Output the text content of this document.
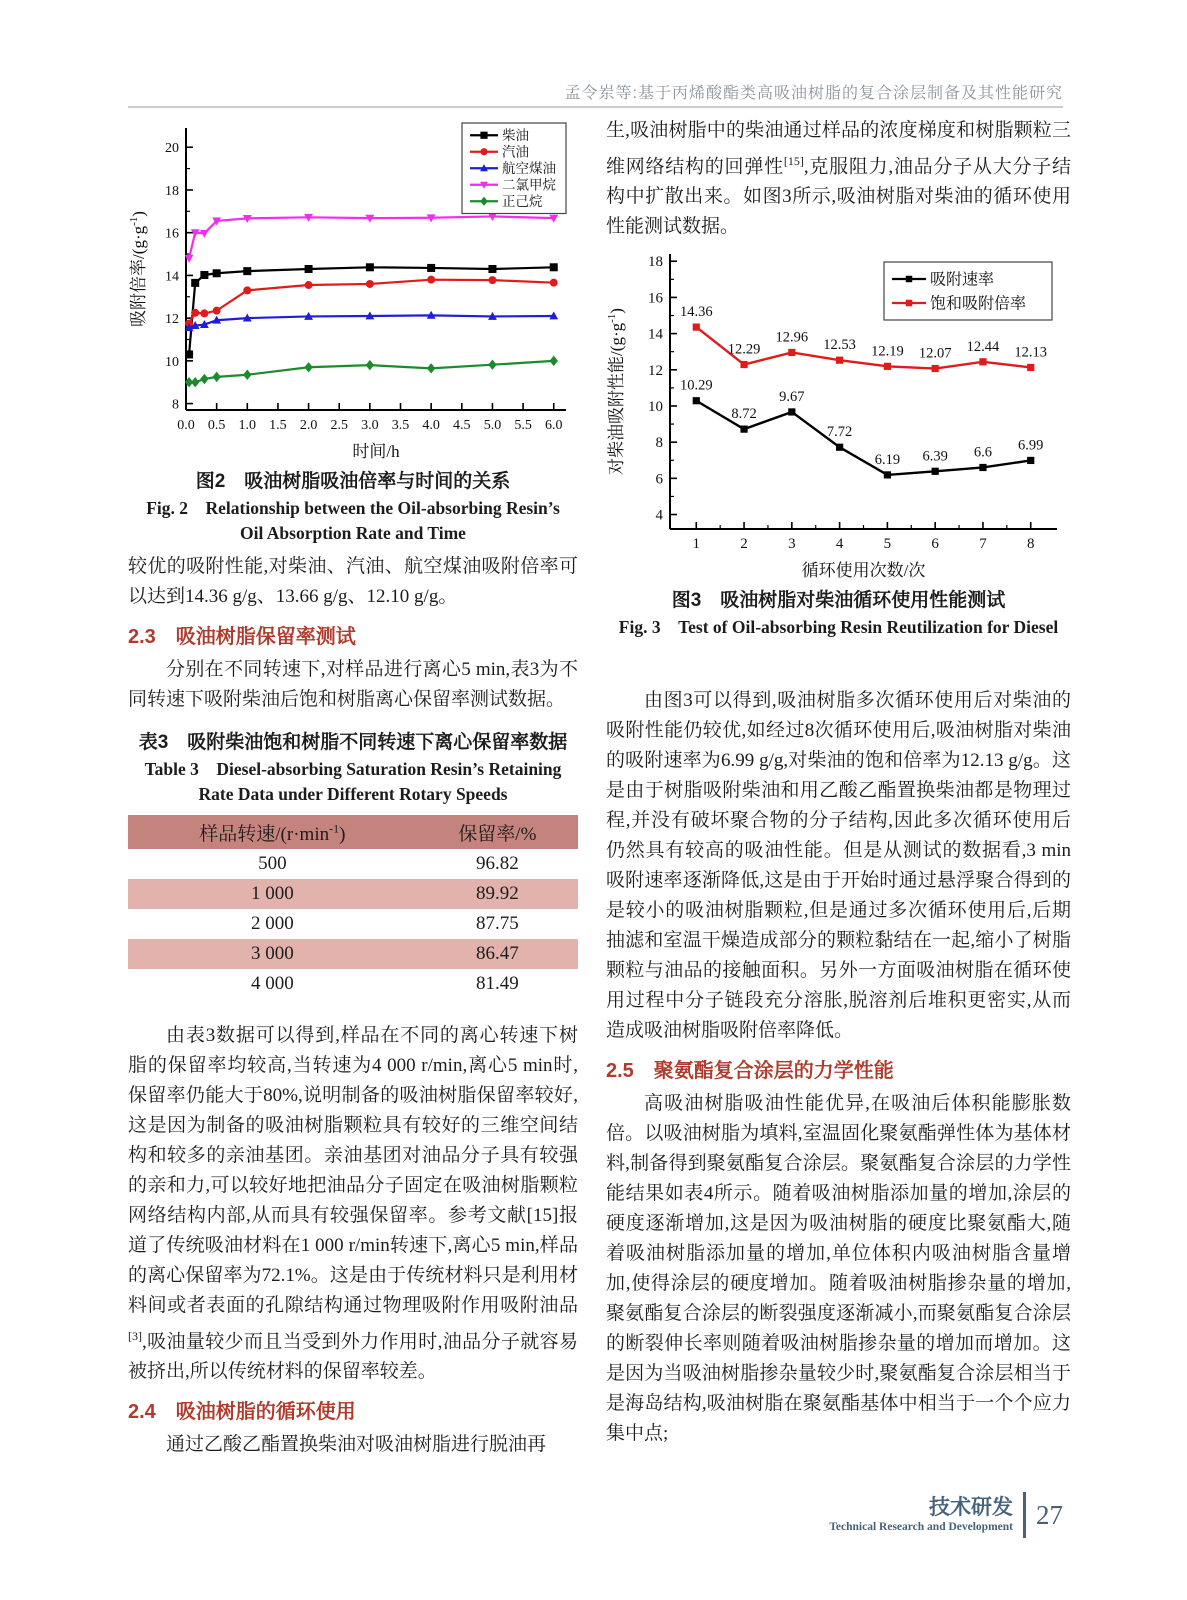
孟令岽等:基于丙烯酸酯类高吸油树脂的复合涂层制备及其性能研究
0.0 0.5 1.0 1.5 2.0 2.5 3.0 3.5 4.0 4.5 5.0 5.5 6.0
8
10
12
14
16
18
20
时间/h
吸附倍率$/(g\cdot g^{-1})$
柴油
汽油
航空煤油
二氯甲烷
正己烷
图2　吸油树脂吸油倍率与时间的关系
Fig. 2　Relationship between the Oil-absorbing Resin’s
Oil Absorption Rate and Time

较优的吸附性能,对柴油、汽油、航空煤油吸附倍率可以达到14.36 g/g、13.66 g/g、12.10 g/g。

2.3　吸油树脂保留率测试

分别在不同转速下,对样品进行离心5 min,表3为不同转速下吸附柴油后饱和树脂离心保留率测试数据。

表3　吸附柴油饱和树脂不同转速下离心保留率数据
Table 3　Diesel-absorbing Saturation Resin’s Retaining
Rate Data under Different Rotary Speeds
样品转速$/(r\cdot\min^{-1})$	保留率/%
500	96.82
1 000	89.92
2 000	87.75
3 000	86.47
4 000	81.49

由表3数据可以得到,样品在不同的离心转速下树脂的保留率均较高,当转速为4 000 r/min,离心5 min时,保留率仍能大于80%,说明制备的吸油树脂保留率较好,这是因为制备的吸油树脂颗粒具有较好的三维空间结构和较多的亲油基团。亲油基团对油品分子具有较强的亲和力,可以较好地把油品分子固定在吸油树脂颗粒网络结构内部,从而具有较强保留率。参考文献[15]报道了传统吸油材料在1 000 r/min转速下,离心5 min,样品的离心保留率为72.1%。这是由于传统材料只是利用材料间或者表面的孔隙结构通过物理吸附作用吸附油品[3],吸油量较少而且当受到外力作用时,油品分子就容易被挤出,所以传统材料的保留率较差。

2.4　吸油树脂的循环使用

通过乙酸乙酯置换柴油对吸油树脂进行脱油再

生,吸油树脂中的柴油通过样品的浓度梯度和树脂颗粒三维网络结构的回弹性[15],克服阻力,油品分子从大分子结构中扩散出来。如图3所示,吸油树脂对柴油的循环使用性能测试数据。

1	2	3	4	5	6	7	8
4
6
8
10
12
14
16
18
10.29
8.72
9.67
7.72
6.19 6.39 6.6 6.99
14.36
12.29
12.96 12.53 12.19 12.07 12.44 12.13
循环使用次数/次
对柴油吸附性能$/(g\cdot g^{-1})$
吸附速率
饱和吸附倍率
图3　吸油树脂对柴油循环使用性能测试
Fig. 3　Test of Oil-absorbing Resin Reutilization for Diesel

由图3可以得到,吸油树脂多次循环使用后对柴油的吸附性能仍较优,如经过8次循环使用后,吸油树脂对柴油的吸附速率为6.99 g/g,对柴油的饱和倍率为12.13 g/g。这是由于树脂吸附柴油和用乙酸乙酯置换柴油都是物理过程,并没有破坏聚合物的分子结构,因此多次循环使用后仍然具有较高的吸油性能。但是从测试的数据看,3 min吸附速率逐渐降低,这是由于开始时通过悬浮聚合得到的是较小的吸油树脂颗粒,但是通过多次循环使用后,后期抽滤和室温干燥造成部分的颗粒黏结在一起,缩小了树脂颗粒与油品的接触面积。另外一方面吸油树脂在循环使用过程中分子链段充分溶胀,脱溶剂后堆积更密实,从而造成吸油树脂吸附倍率降低。

2.5　聚氨酯复合涂层的力学性能

高吸油树脂吸油性能优异,在吸油后体积能膨胀数倍。以吸油树脂为填料,室温固化聚氨酯弹性体为基体材料,制备得到聚氨酯复合涂层。聚氨酯复合涂层的力学性能结果如表4所示。随着吸油树脂添加量的增加,涂层的硬度逐渐增加,这是因为吸油树脂的硬度比聚氨酯大,随着吸油树脂添加量的增加,单位体积内吸油树脂含量增加,使得涂层的硬度增加。随着吸油树脂掺杂量的增加,聚氨酯复合涂层的断裂强度逐渐减小,而聚氨酯复合涂层的断裂伸长率则随着吸油树脂掺杂量的增加而增加。这是因为当吸油树脂掺杂量较少时,聚氨酯复合涂层相当于是海岛结构,吸油树脂在聚氨酯基体中相当于一个个应力集中点;

技术研发
Technical Research and Development 27
